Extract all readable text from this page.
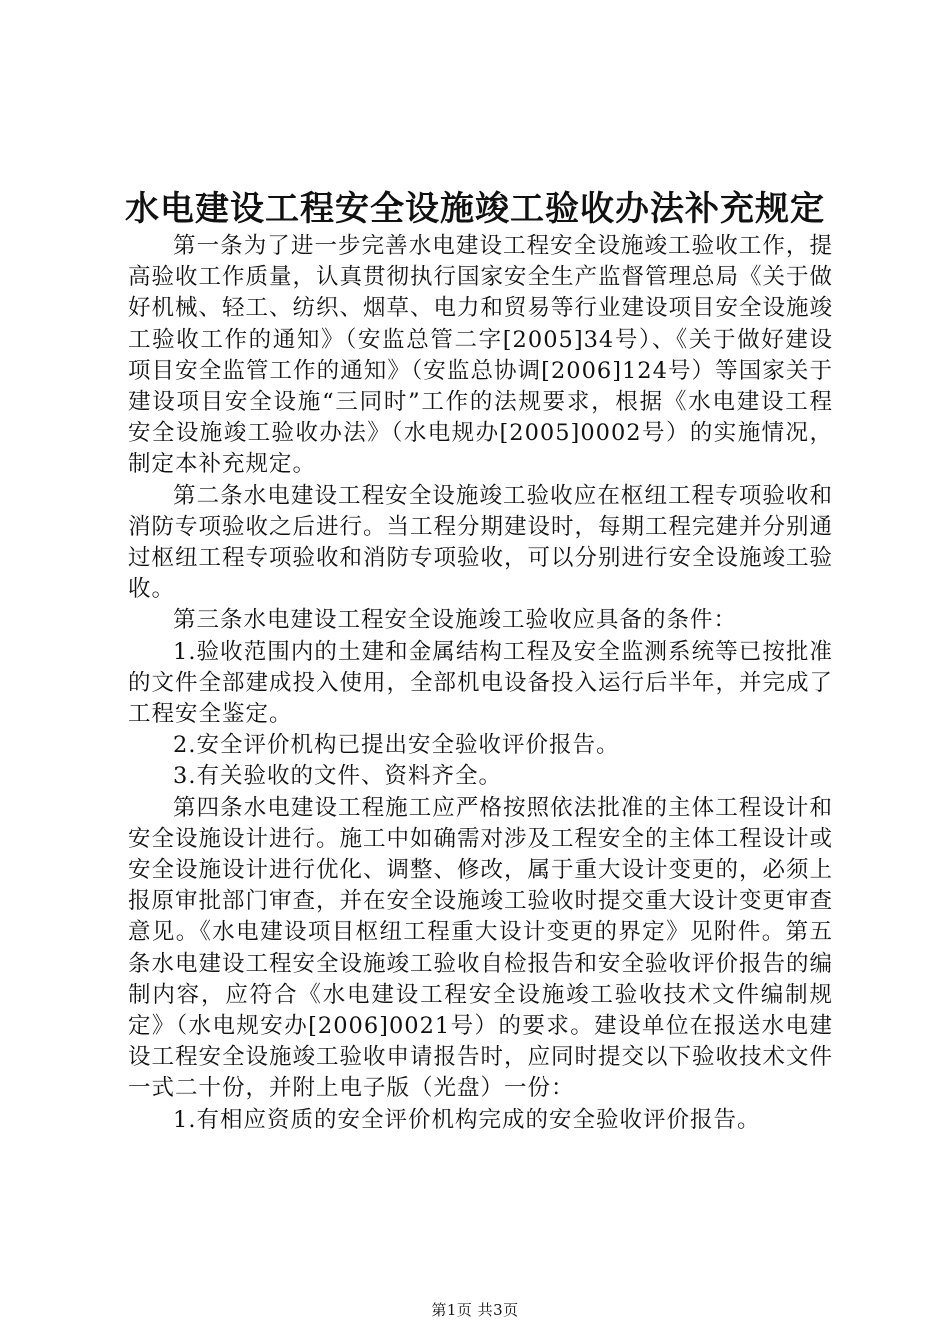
水电建设工程安全设施竣工验收办法补充规定

第一条为了进一步完善水电建设工程安全设施竣工验收工作，提高验收工作质量，认真贯彻执行国家安全生产监督管理总局《关于做好机械、轻工、纺织、烟草、电力和贸易等行业建设项目安全设施竣工验收工作的通知》（安监总管二字[2005]34号）、《关于做好建设项目安全监管工作的通知》（安监总协调[2006]124号）等国家关于建设项目安全设施“三同时”工作的法规要求，根据《水电建设工程安全设施竣工验收办法》（水电规办[2005]0002号）的实施情况，制定本补充规定。

第二条水电建设工程安全设施竣工验收应在枢纽工程专项验收和消防专项验收之后进行。当工程分期建设时，每期工程完建并分别通过枢纽工程专项验收和消防专项验收，可以分别进行安全设施竣工验收。

第三条水电建设工程安全设施竣工验收应具备的条件：

1.验收范围内的土建和金属结构工程及安全监测系统等已按批准的文件全部建成投入使用，全部机电设备投入运行后半年，并完成了工程安全鉴定。

2.安全评价机构已提出安全验收评价报告。

3.有关验收的文件、资料齐全。

第四条水电建设工程施工应严格按照依法批准的主体工程设计和安全设施设计进行。施工中如确需对涉及工程安全的主体工程设计或安全设施设计进行优化、调整、修改，属于重大设计变更的，必须上报原审批部门审查，并在安全设施竣工验收时提交重大设计变更审查意见。《水电建设项目枢纽工程重大设计变更的界定》见附件。第五条水电建设工程安全设施竣工验收自检报告和安全验收评价报告的编制内容，应符合《水电建设工程安全设施竣工验收技术文件编制规定》（水电规安办[2006]0021号）的要求。建设单位在报送水电建设工程安全设施竣工验收申请报告时，应同时提交以下验收技术文件一式二十份，并附上电子版（光盘）一份：

1.有相应资质的安全评价机构完成的安全验收评价报告。

第1页 共3页
